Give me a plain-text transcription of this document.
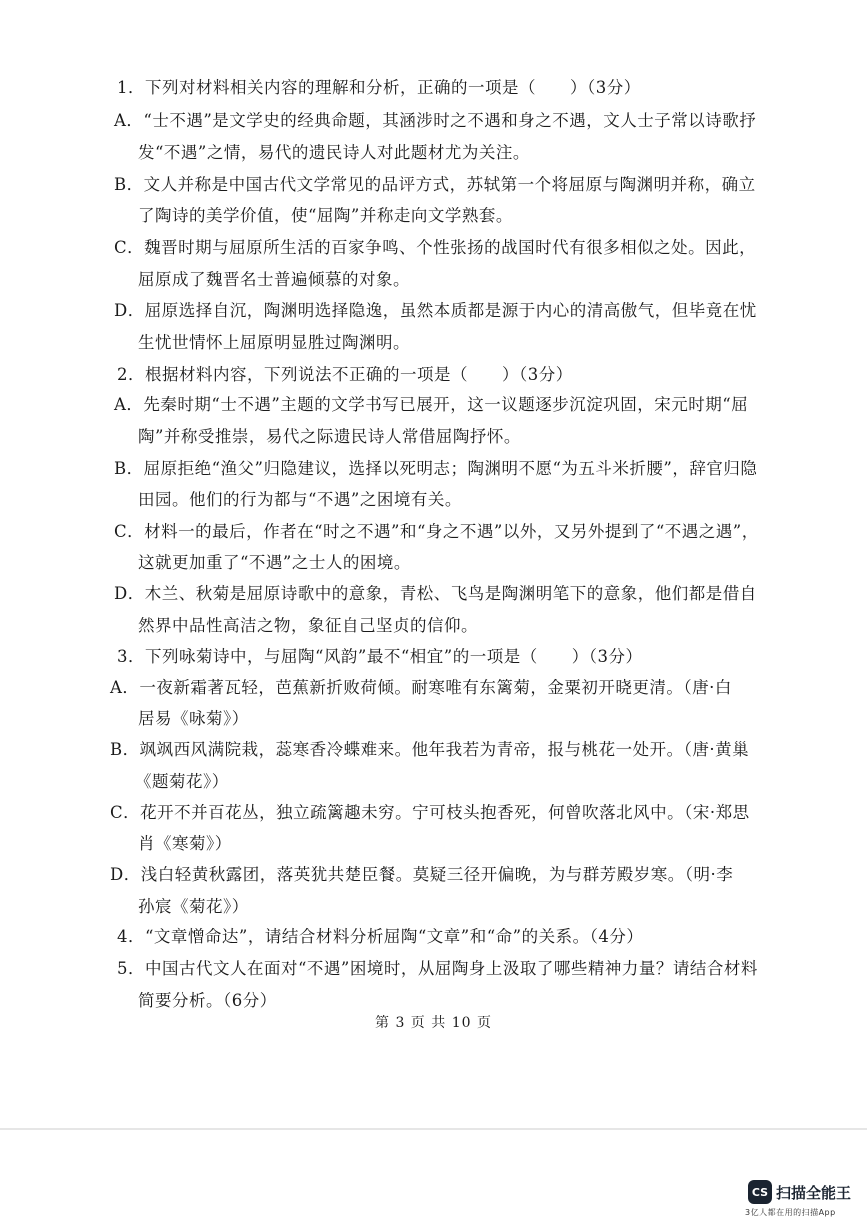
1．下列对材料相关内容的理解和分析，正确的一项是（　　）（3分）
A．“士不遇”是文学史的经典命题，其涵涉时之不遇和身之不遇，文人士子常以诗歌抒
发“不遇”之情，易代的遗民诗人对此题材尤为关注。
B．文人并称是中国古代文学常见的品评方式，苏轼第一个将屈原与陶渊明并称，确立
了陶诗的美学价值，使“屈陶”并称走向文学熟套。
C．魏晋时期与屈原所生活的百家争鸣、个性张扬的战国时代有很多相似之处。因此，
屈原成了魏晋名士普遍倾慕的对象。
D．屈原选择自沉，陶渊明选择隐逸，虽然本质都是源于内心的清高傲气，但毕竟在忧
生忧世情怀上屈原明显胜过陶渊明。
2．根据材料内容，下列说法不正确的一项是（　　）（3分）
A．先秦时期“士不遇”主题的文学书写已展开，这一议题逐步沉淀巩固，宋元时期“屈
陶”并称受推崇，易代之际遗民诗人常借屈陶抒怀。
B．屈原拒绝“渔父”归隐建议，选择以死明志；陶渊明不愿“为五斗米折腰”，辞官归隐
田园。他们的行为都与“不遇”之困境有关。
C．材料一的最后，作者在“时之不遇”和“身之不遇”以外，又另外提到了“不遇之遇”，
这就更加重了“不遇”之士人的困境。
D．木兰、秋菊是屈原诗歌中的意象，青松、飞鸟是陶渊明笔下的意象，他们都是借自
然界中品性高洁之物，象征自己坚贞的信仰。
3．下列咏菊诗中，与屈陶“风韵”最不“相宜”的一项是（　　）（3分）
A．一夜新霜著瓦轻，芭蕉新折败荷倾。耐寒唯有东篱菊，金粟初开晓更清。（唐·白
居易《咏菊》）
B．飒飒西风满院栽，蕊寒香冷蝶难来。他年我若为青帝，报与桃花一处开。（唐·黄巢
《题菊花》）
C．花开不并百花丛，独立疏篱趣未穷。宁可枝头抱香死，何曾吹落北风中。（宋·郑思
肖《寒菊》）
D．浅白轻黄秋露团，落英犹共楚臣餐。莫疑三径开偏晚，为与群芳殿岁寒。（明·李
孙宸《菊花》）
4．“文章憎命达”，请结合材料分析屈陶“文章”和“命”的关系。（4分）
5．中国古代文人在面对“不遇”困境时，从屈陶身上汲取了哪些精神力量？请结合材料
简要分析。（6分）
第 3 页 共 10 页
CS 扫描全能王
3亿人都在用的扫描App
